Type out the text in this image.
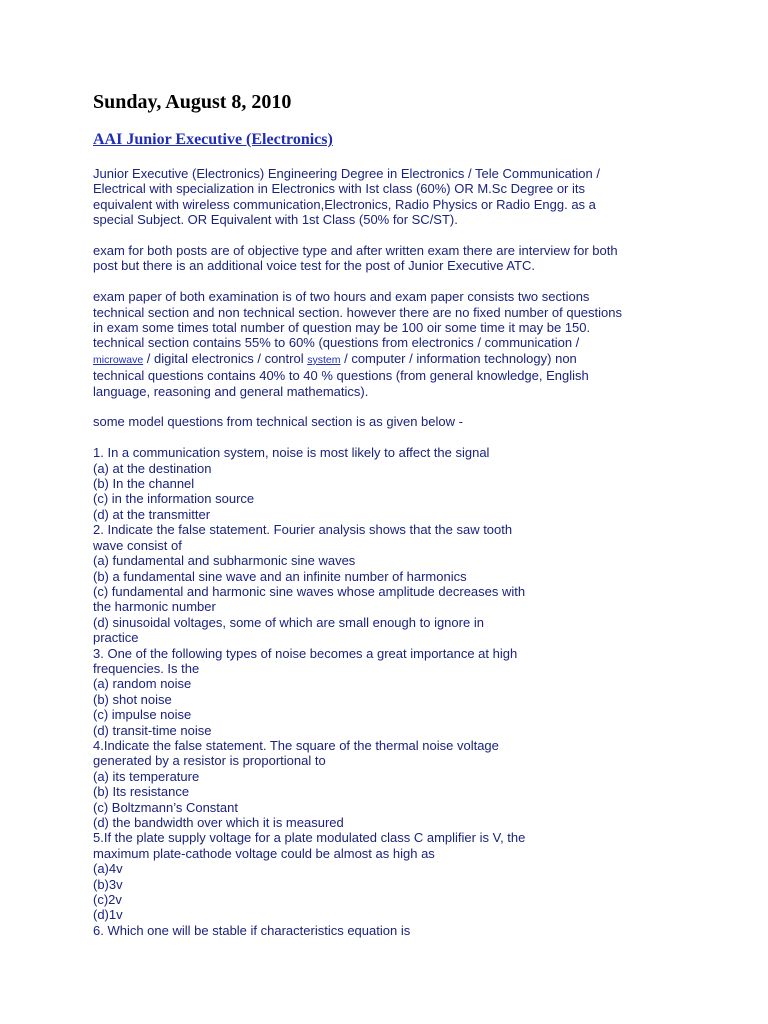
Sunday, August 8, 2010
AAI Junior Executive (Electronics)

Junior Executive (Electronics) Engineering Degree in Electronics / Tele Communication /

Electrical with specialization in Electronics with Ist class (60%) OR M.Sc Degree or its

equivalent with wireless communication,Electronics, Radio Physics or Radio Engg. as a

special Subject. OR Equivalent with 1st Class (50% for SC/ST).

exam for both posts are of objective type and after written exam there are interview for both

post but there is an additional voice test for the post of Junior Executive ATC.

exam paper of both examination is of two hours and exam paper consists two sections

technical section and non technical section. however there are no fixed number of questions

in exam some times total number of question may be 100 oir some time it may be 150.

technical section contains 55% to 60% (questions from electronics / communication /

microwave / digital electronics / control system / computer / information technology) non

technical questions contains 40% to 40 % questions (from general knowledge, English

language, reasoning and general mathematics).

some model questions from technical section is as given below -

1. In a communication system, noise is most likely to affect the signal

(a) at the destination

(b) In the channel

(c) in the information source

(d) at the transmitter

2. Indicate the false statement. Fourier analysis shows that the saw tooth

wave consist of

(a) fundamental and subharmonic sine waves

(b) a fundamental sine wave and an infinite number of harmonics

(c) fundamental and harmonic sine waves whose amplitude decreases with

the harmonic number

(d) sinusoidal voltages, some of which are small enough to ignore in

practice

3. One of the following types of noise becomes a great importance at high

frequencies. Is the

(a) random noise

(b) shot noise

(c) impulse noise

(d) transit-time noise

4.Indicate the false statement. The square of the thermal noise voltage

generated by a resistor is proportional to

(a) its temperature

(b) Its resistance

(c) Boltzmann’s Constant

(d) the bandwidth over which it is measured

5.If the plate supply voltage for a plate modulated class C amplifier is V, the

maximum plate-cathode voltage could be almost as high as

(a)4v

(b)3v

(c)2v

(d)1v

6. Which one will be stable if characteristics equation is
